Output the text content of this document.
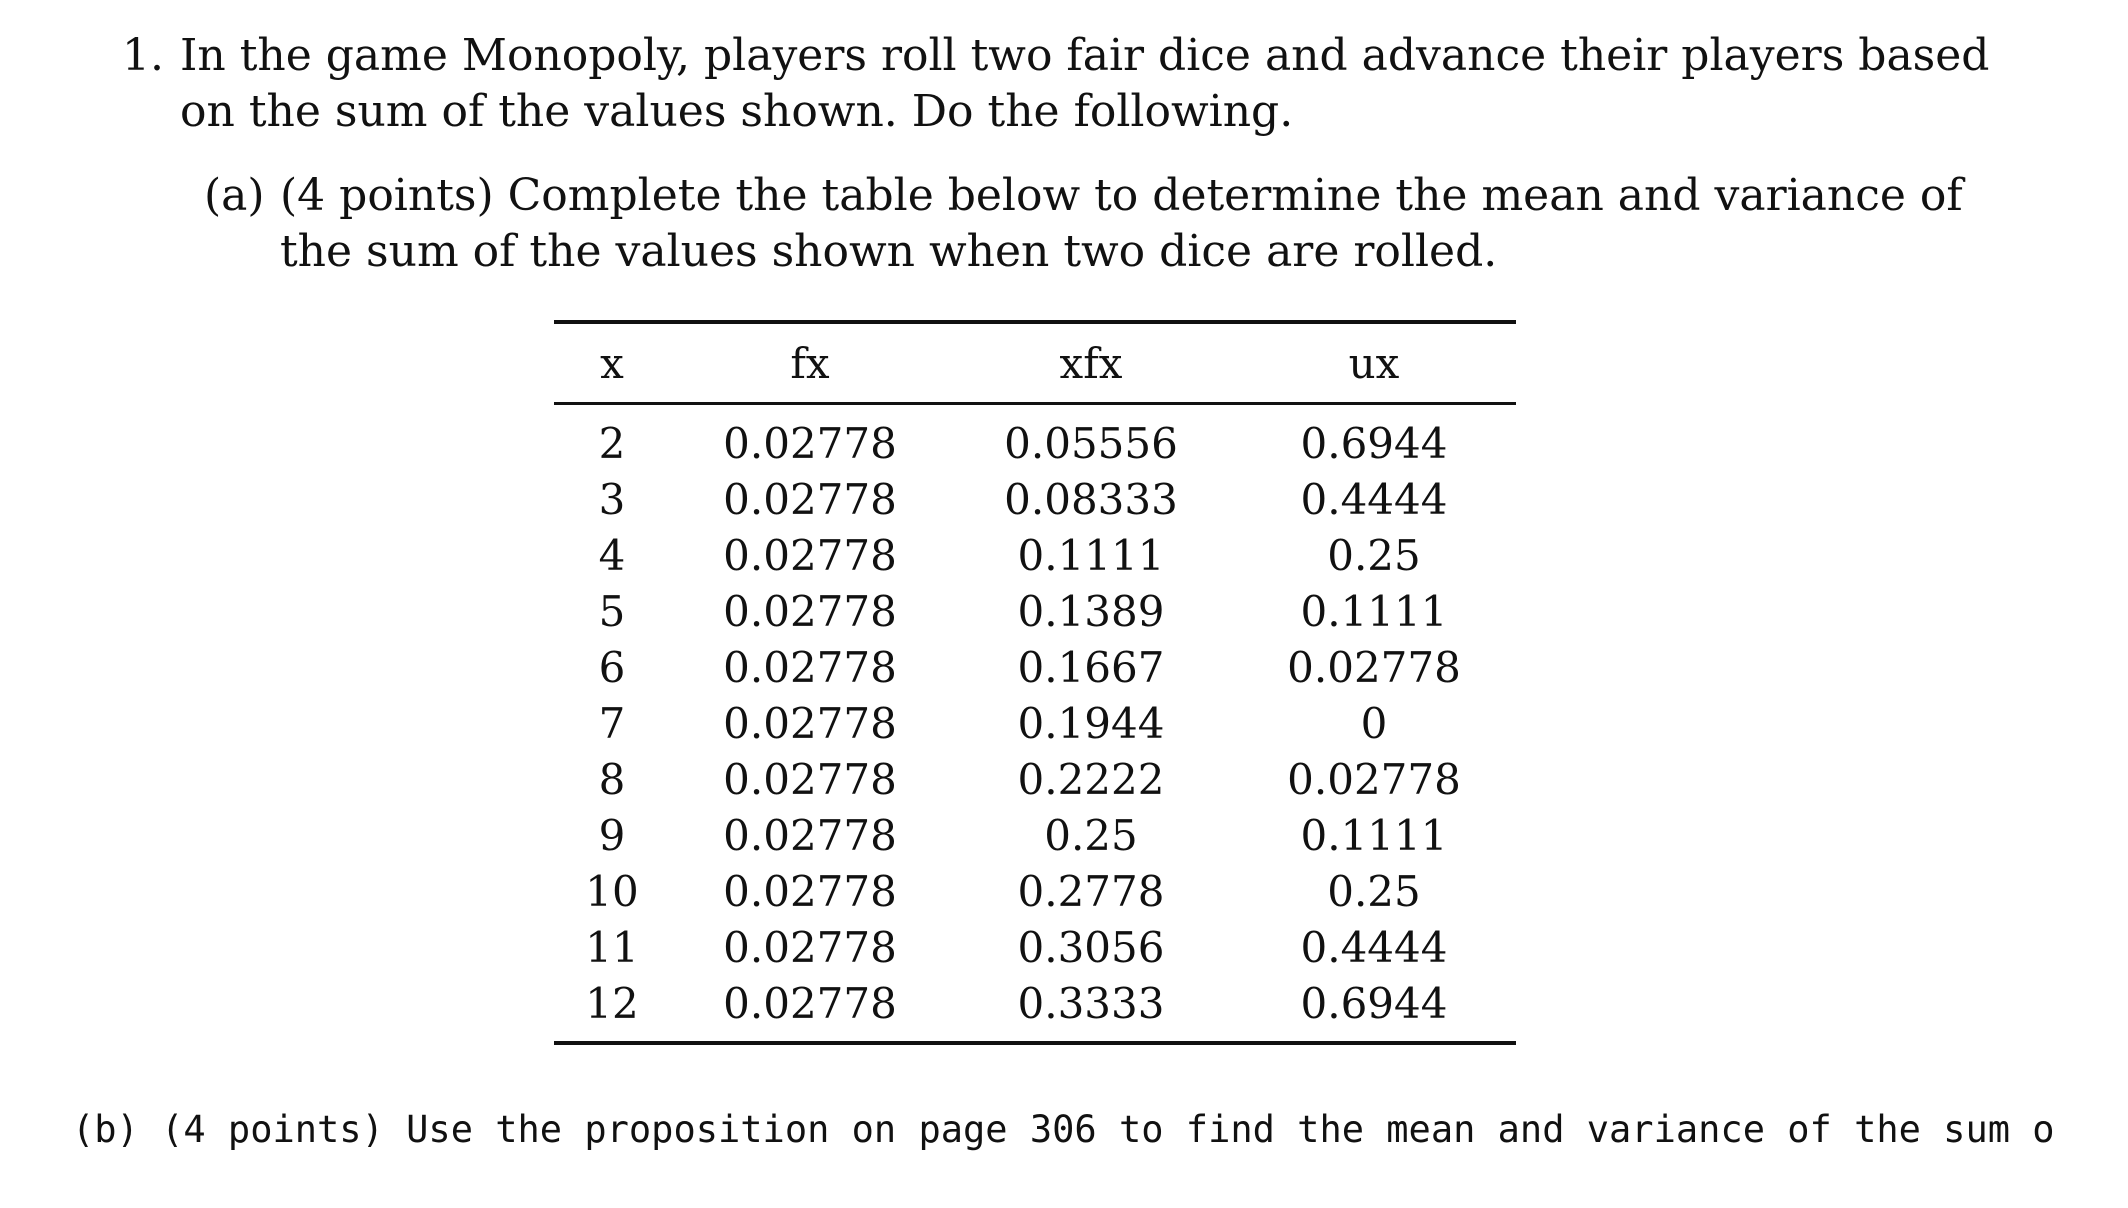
1. In the game Monopoly, players roll two fair dice and advance their players based on the sum of the values shown. Do the following.
(a) (4 points) Complete the table below to determine the mean and variance of the sum of the values shown when two dice are rolled.
x	fx	xfx	ux
2	0.02778	0.05556	0.6944
3	0.02778	0.08333	0.4444
4	0.02778	0.1111	0.25
5	0.02778	0.1389	0.1111
6	0.02778	0.1667	0.02778
7	0.02778	0.1944	0
8	0.02778	0.2222	0.02778
9	0.02778	0.25	0.1111
10	0.02778	0.2778	0.25
11	0.02778	0.3056	0.4444
12	0.02778	0.3333	0.6944
(b) (4 points) Use the proposition on page 306 to find the mean and variance of the sum o
